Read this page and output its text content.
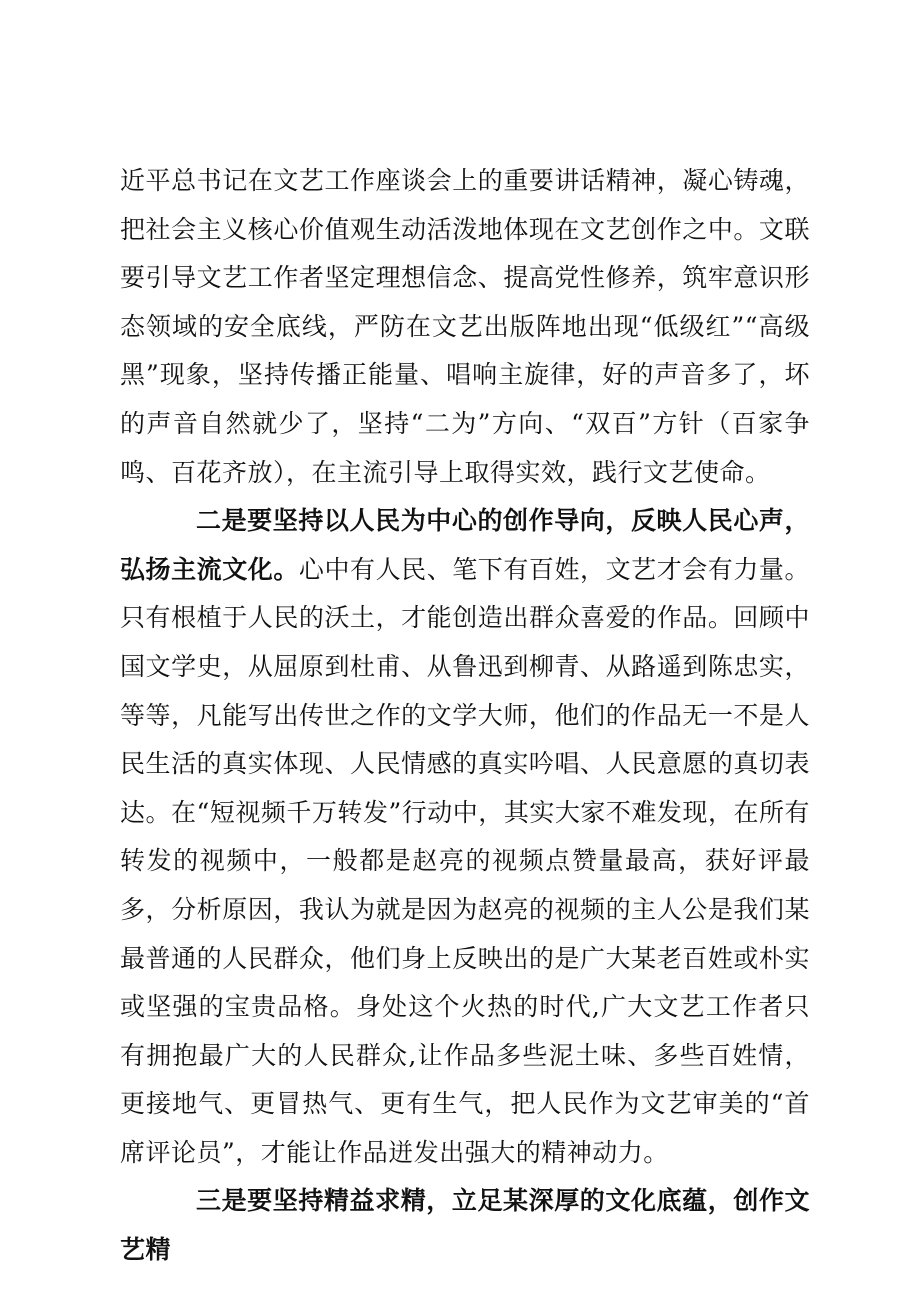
近平总书记在文艺工作座谈会上的重要讲话精神，凝心铸魂，把社会主义核心价值观生动活泼地体现在文艺创作之中。文联要引导文艺工作者坚定理想信念、提高党性修养，筑牢意识形态领域的安全底线，严防在文艺出版阵地出现“低级红”“高级黑”现象，坚持传播正能量、唱响主旋律，好的声音多了，坏的声音自然就少了，坚持“二为”方向、“双百”方针（百家争鸣、百花齐放），在主流引导上取得实效，践行文艺使命。

二是要坚持以人民为中心的创作导向，反映人民心声，弘扬主流文化。心中有人民、笔下有百姓，文艺才会有力量。只有根植于人民的沃土，才能创造出群众喜爱的作品。回顾中国文学史，从屈原到杜甫、从鲁迅到柳青、从路遥到陈忠实，等等，凡能写出传世之作的文学大师，他们的作品无一不是人民生活的真实体现、人民情感的真实吟唱、人民意愿的真切表达。在“短视频千万转发”行动中，其实大家不难发现，在所有转发的视频中，一般都是赵亮的视频点赞量最高，获好评最多，分析原因，我认为就是因为赵亮的视频的主人公是我们某最普通的人民群众，他们身上反映出的是广大某老百姓或朴实或坚强的宝贵品格。身处这个火热的时代,广大文艺工作者只有拥抱最广大的人民群众,让作品多些泥土味、多些百姓情，更接地气、更冒热气、更有生气，把人民作为文艺审美的“首席评论员”，才能让作品迸发出强大的精神动力。

三是要坚持精益求精，立足某深厚的文化底蕴，创作文艺精
